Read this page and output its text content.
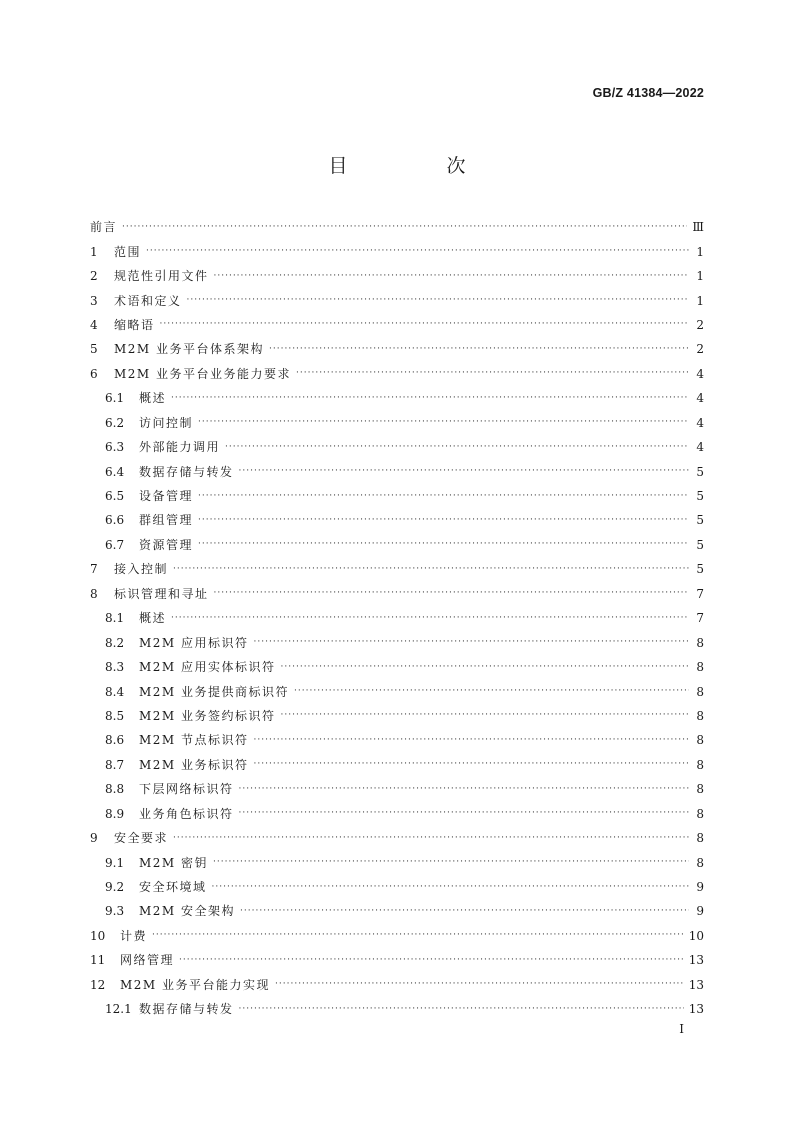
GB/Z 41384—2022
目　次
前言 ·····	Ⅲ
1	范围 ·····	1
2	规范性引用文件 ·····	1
3	术语和定义 ·····	1
4	缩略语 ·····	2
5	M2M 业务平台体系架构 ·····	2
6	M2M 业务平台业务能力要求 ·····	4
6.1	概述 ·····	4
6.2	访问控制 ·····	4
6.3	外部能力调用 ·····	4
6.4	数据存储与转发 ·····	5
6.5	设备管理 ·····	5
6.6	群组管理 ·····	5
6.7	资源管理 ·····	5
7	接入控制 ·····	5
8	标识管理和寻址 ·····	7
8.1	概述 ·····	7
8.2	M2M 应用标识符 ·····	8
8.3	M2M 应用实体标识符 ·····	8
8.4	M2M 业务提供商标识符 ·····	8
8.5	M2M 业务签约标识符 ·····	8
8.6	M2M 节点标识符 ·····	8
8.7	M2M 业务标识符 ·····	8
8.8	下层网络标识符 ·····	8
8.9	业务角色标识符 ·····	8
9	安全要求 ·····	8
9.1	M2M 密钥 ·····	8
9.2	安全环境域 ·····	9
9.3	M2M 安全架构 ·····	9
10	计费 ·····	10
11	网络管理 ·····	13
12	M2M 业务平台能力实现 ·····	13
12.1 数据存储与转发 ·····	13
I
